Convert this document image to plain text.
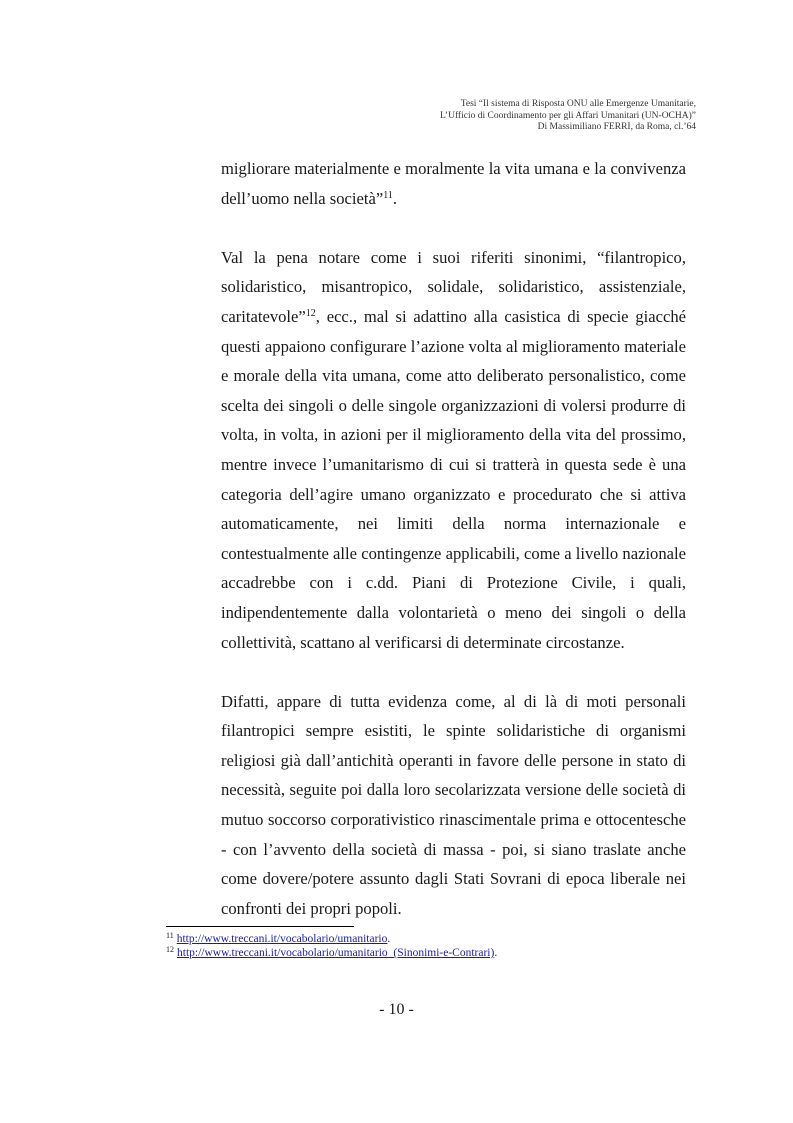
Tesi “Il sistema di Risposta ONU alle Emergenze Umanitarie,
L’Ufficio di Coordinamento per gli Affari Umanitari (UN-OCHA)”
Di Massimiliano FERRI, da Roma, cl.’64

migliorare materialmente e moralmente la vita umana e la convivenza dell’uomo nella società”$^{11}$.

Val la pena notare come i suoi riferiti sinonimi, “filantropico, solidaristico, misantropico, solidale, solidaristico, assistenziale, caritatevole”$^{12}$, ecc., mal si adattino alla casistica di specie giacché questi appaiono configurare l’azione volta al miglioramento materiale e morale della vita umana, come atto deliberato personalistico, come scelta dei singoli o delle singole organizzazioni di volersi produrre di volta, in volta, in azioni per il miglioramento della vita del prossimo, mentre invece l’umanitarismo di cui si tratterà in questa sede è una categoria dell’agire umano organizzato e procedurato che si attiva automaticamente, nei limiti della norma internazionale e contestualmente alle contingenze applicabili, come a livello nazionale accadrebbe con i c.dd. Piani di Protezione Civile, i quali, indipendentemente dalla volontarietà o meno dei singoli o della collettività, scattano al verificarsi di determinate circostanze.

Difatti, appare di tutta evidenza come, al di là di moti personali filantropici sempre esistiti, le spinte solidaristiche di organismi religiosi già dall’antichità operanti in favore delle persone in stato di necessità, seguite poi dalla loro secolarizzata versione delle società di mutuo soccorso corporativistico rinascimentale prima e ottocentesche - con l’avvento della società di massa - poi, si siano traslate anche come dovere/potere assunto dagli Stati Sovrani di epoca liberale nei confronti dei propri popoli.

$^{11}$ http://www.treccani.it/vocabolario/umanitario.
$^{12}$ http://www.treccani.it/vocabolario/umanitario_(Sinonimi-e-Contrari).
- 10 -
